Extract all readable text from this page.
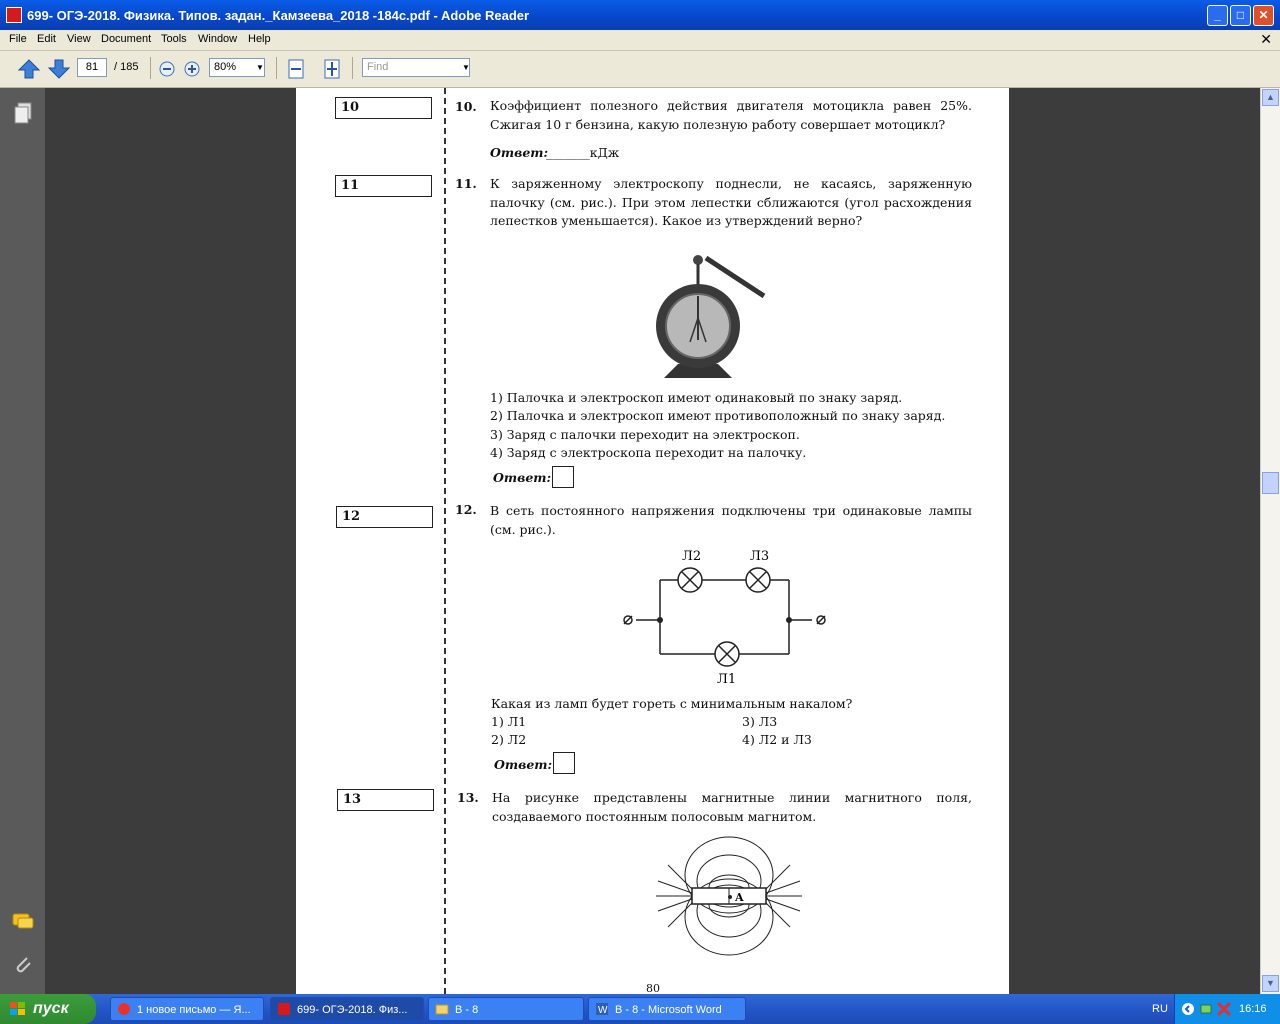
699- ОГЭ-2018. Физика. Типов. задан._Камзеева_2018 -184с.pdf - Adobe Reader	_	□	✕
File Edit View Document Tools Window Help	✕
81	/ 185	80%	▼	Find	▼
10	10. Коэффициент полезного действия двигателя мотоцикла равен 25%. Сжигая 10 г бензина, какую полезную работу совершает мотоцикл?
Ответ:
_______кДж
11	11. К заряженному электроскопу поднесли, не касаясь, заряженную палочку (см. рис.). При этом лепестки сближаются (угол расхождения лепестков уменьшается). Какое из утверждений верно?
1) Палочка и электроскоп имеют одинаковый по знаку заряд.
2) Палочка и электроскоп имеют противоположный по знаку заряд.
3) Заряд с палочки переходит на электроскоп.
4) Заряд с электроскопа переходит на палочку.
Ответ:
12	12. В сеть постоянного напряжения подключены три одинаковые лампы (см. рис.).
Л2	Л3
Л1
Какая из ламп будет гореть с минимальным накалом?
1) Л1
2) Л2
3) Л3
4) Л2 и Л3
Ответ:
13	13. На рисунке представлены магнитные линии магнитного поля, создаваемого постоянным полосовым магнитом.
A
80
▲
▼
пуск	1 новое письмо — Я...	699- ОГЭ-2018. Физ...	В - 8	W В - 8 - Microsoft Word	RU	16:16
